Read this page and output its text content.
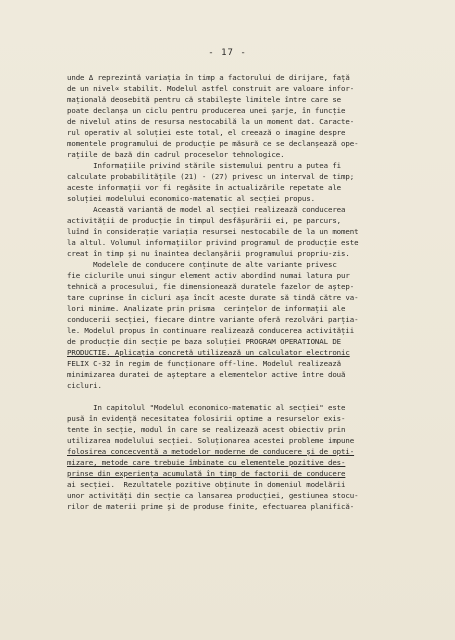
- 17 -
unde Δ reprezintă variația în timp a factorului de dirijare, față
de un nivel∝ stabilit. Modelul astfel construit are valoare infor-
mațională deosebită pentru că stabilește limitele între care se
poate declanșa un ciclu pentru producerea unei șarje, în funcție
de nivelul atins de resursa nestocabilă la un moment dat. Caracte-
rul operativ al soluției este total, el creează o imagine despre
momentele programului de producție pe măsură ce se declanșează ope-
rațiile de bază din cadrul proceselor tehnologice.
Informațiile privind stările sistemului pentru a putea fi
calculate probabilitățile (21) - (27) privesc un interval de timp;
aceste informații vor fi regăsite în actualizările repetate ale
soluției modelului economico-matematic al secției propus.
Această variantă de model al secției realizează conducerea
activității de producție în timpul desfășurării ei, pe parcurs,
luînd în considerație variația resursei nestocabile de la un moment
la altul. Volumul informațiilor privind programul de producție este
creat în timp și nu înaintea declanșării programului propriu-zis.
Modelele de conducere conținute de alte variante privesc
fie ciclurile unui singur element activ abordînd numai latura pur
tehnică a procesului, fie dimensionează duratele fazelor de aștep-
tare cuprinse în cicluri așa încît aceste durate să tindă către va-
lori minime. Analizate prin prisma  cerințelor de informații ale
conducerii secției, fiecare dintre variante oferă rezolvări parția-
le. Modelul propus în continuare realizează conducerea activității
de producție din secție pe baza soluției PROGRAM OPERATIONAL DE
PRODUCTIE. Aplicația concretă utilizează un calculator electronic
FELIX C-32 în regim de funcționare off-line. Modelul realizează
minimizarea duratei de așteptare a elementelor active între două
cicluri.
In capitolul "Modelul economico-matematic al secției" este
pusă în evidență necesitatea folosirii optime a resurselor exis-
tente în secție, modul în care se realizează acest obiectiv prin
utilizarea modelului secției. Soluționarea acestei probleme impune
folosirea concecventă a metodelor moderne de conducere și de opti-
mizare, metode care trebuie îmbinate cu elementele pozitive des-
prinse din experiența acumulată în timp de factorii de conducere
ai secției.  Rezultatele pozitive obținute în domeniul modelării
unor activități din secție ca lansarea producției, gestiunea stocu-
rilor de materii prime și de produse finite, efectuarea planifică-
